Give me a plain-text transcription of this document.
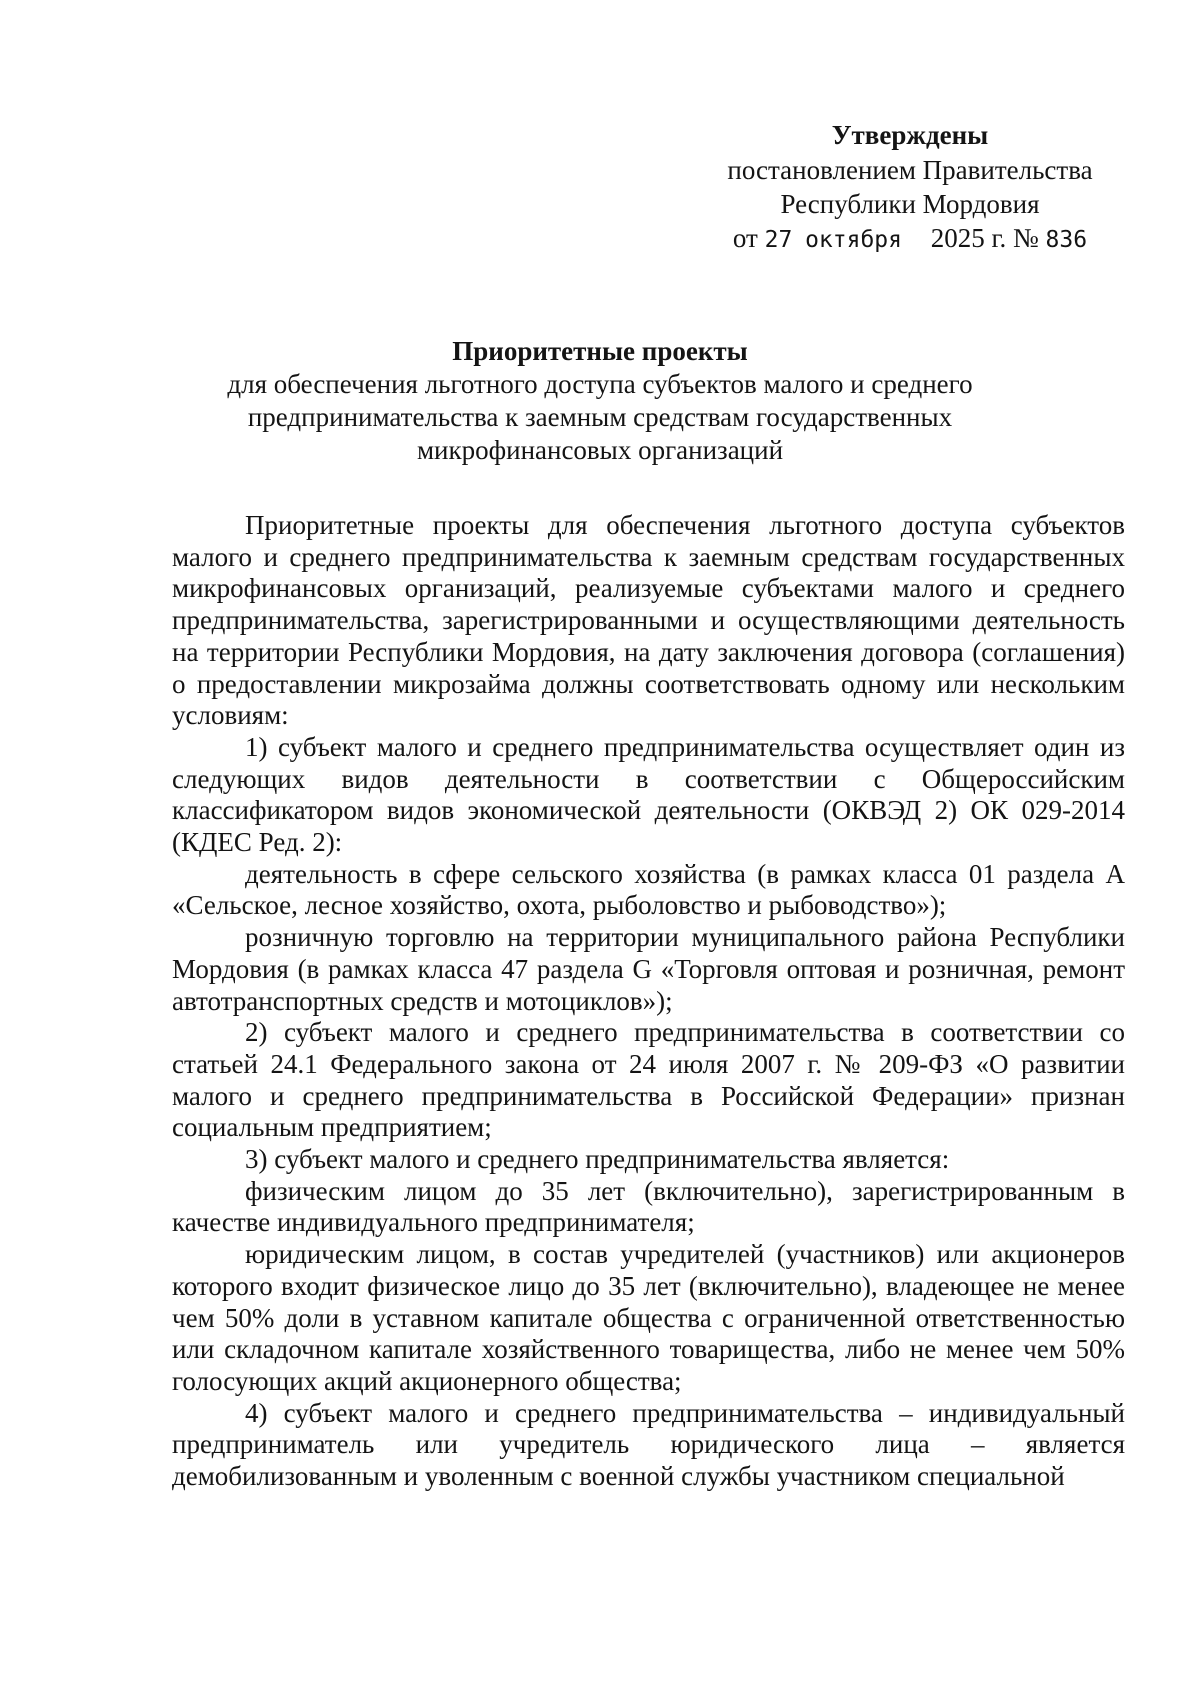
Утверждены
постановлением Правительства
Республики Мордовия
от 27 октября 2025 г. № 836
Приоритетные проекты
для обеспечения льготного доступа субъектов малого и среднего
предпринимательства к заемным средствам государственных
микрофинансовых организаций

Приоритетные проекты для обеспечения льготного доступа субъектов малого и среднего предпринимательства к заемным средствам государственных микрофинансовых организаций, реализуемые субъектами малого и среднего предпринимательства, зарегистрированными и осуществляющими деятельность на территории Республики Мордовия, на дату заключения договора (соглашения) о предоставлении микрозайма должны соответствовать одному или нескольким условиям:

1) субъект малого и среднего предпринимательства осуществляет один из следующих видов деятельности в соответствии с Общероссийским классификатором видов экономической деятельности (ОКВЭД 2) ОК 029-2014 (КДЕС Ред. 2):

деятельность в сфере сельского хозяйства (в рамках класса 01 раздела А «Сельское, лесное хозяйство, охота, рыболовство и рыбоводство»);

розничную торговлю на территории муниципального района Республики Мордовия (в рамках класса 47 раздела G «Торговля оптовая и розничная, ремонт автотранспортных средств и мотоциклов»);

2) субъект малого и среднего предпринимательства в соответствии со статьей 24.1 Федерального закона от 24 июля 2007 г. № 209-ФЗ «О развитии малого и среднего предпринимательства в Российской Федерации» признан социальным предприятием;

3) субъект малого и среднего предпринимательства является:

физическим лицом до 35 лет (включительно), зарегистрированным в качестве индивидуального предпринимателя;

юридическим лицом, в состав учредителей (участников) или акционеров которого входит физическое лицо до 35 лет (включительно), владеющее не менее чем 50% доли в уставном капитале общества с ограниченной ответственностью или складочном капитале хозяйственного товарищества, либо не менее чем 50% голосующих акций акционерного общества;

4) субъект малого и среднего предпринимательства – индивидуальный предприниматель или учредитель юридического лица – является демобилизованным и уволенным с военной службы участником специальной
